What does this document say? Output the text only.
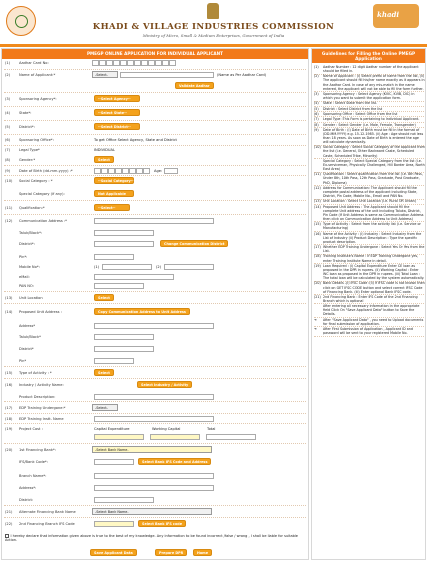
KHADI & VILLAGE INDUSTRIES COMMISSION
Ministry of Micro, Small & Medium Enterprises, Government of India
khadi
PMEGP ONLINE APPLICATION FOR INDIVIDUAL APPLICANT
(1) Aadhar Card No:
(2) Name of Applicant:*	-Select-	(Name as Per Aadhar Card)
Validate Aadhar
(3) Sponsoring Agency*:	--Select Agency--
(4) State*:	--Select State--
(5) District*:	--Select District--
(6) Sponsoring Office*:	To get Office Select Agency, State and District
(7) Legal Type*	INDIVIDUAL
(8) Gender:*	Select
(9) Date of Birth (dd-mm-yyyy) :*	Age:
(10) Social Category : *	--Social Category--
Special Category (if any):	Not Applicable
(11) Qualification:*	--Select--
(12) Communication Address :*
Taluk/Block*:
District*:	Change Communication District
Pin*:
Mobile No*:	(1)	(2)
eMail:
PAN NO:
(13) Unit Location	Select
(14) Proposed Unit Address :	Copy Communication Address to Unit Address
Address*
Taluk/Block*
District*
Pin*
(15) Type of Activity : *	Select
(16) Industry / Activity Name:	Select Industry / Activity
Product Description:
(17) EDP Training Undergone:*	-Select-
(18) EDP Training Instt. Name
(19) Project Cost :	Capital Expenditure	Working Capital	Total
(20) 1st Financing Bank*:	-Select Bank Name-
IFS/Bank Code*:	Select Bank IFS Code and Address
Branch Name*:
Address*:
District:
(21) Alternate Financing Bank Name	-Select Bank Name-
(22) 2nd Financing Branch IFS Code	Select Bank IFS code
I hereby declare that information given above is true to the best of my knowledge. Any information to be found incorrect /false / wrong , I shall be liable for suitable Action.
Save Applicant Data	Prepare DPR	Home
Guidelines for Filling the Online PMEGP Application
(1)	Aadhar Number : 12 digit Aadhar number of the applicant should be filled in.
(2)	Name of Applicant : (i) Select prefix of name from the list, (ii) The applicant should fill his/her name exactly as it appears in the Aadhar Card. In case of any mis-match in the name entered, the applicant will not be able to fill the form further.
(3)	Sponsoring Agency : Select Agency (KVIC, KVIB, DIC) in which you want to submit the application form.
(4)	State : Select State from the list.
(5)	District : Select District from the list
(6)	Sponsoring Office : Select Office from the list
(7)	Legal Type :This Form is pertaining to Individual Applicant.
(8)	Gender : Select Gender (i.e. Male, Female, Transgender)
(9)	Date of Birth : (i) Date of Birth must be fill in the format of (DD-MM-YYYY) e.g. 15-12-1985. (ii) Age : Age should not less than 18 years. As soon as Date of Birth is entered the age will calculate dynamically.
(10) Social Category : Select Social Category of the applicant from the list (i.e. General, Other Backward Caste, Scheduled Caste, Scheduled Tribe, Minority)
Special Category : Select Special Category from the list (i.e. Ex-serviceman, Physically Challenged, Hill Border Area, North East Area)
(11) Qualification : Select qualification from the list (i.e. 8th Pass, Under 8th, 10th Pass, 12th Pass, Graduate, Post Graduate, PhD, Diploma)
(12) Address for Communication: The Applicant should fill the complete postal address of the applicant including State, District, Pin Code, Mobile No., Email and PAN No.
(13) Unit Location : Select Unit Location (i.e. Rural OR Urban)
(14) Proposed Unit Address : The Applicant should fill the complete Unit address of the unit including Taluka, District, Pin Code (If Unit Address is same as Communication Address then click on Communication Address to Unit Address)
(15) Type of Activity : Select from the activity list (i.e. Service or Manufacturing)
(16) Name of the Activity : (i) Industry : Select Industry from the List of Industry (ii) Product Description : Type the specific product description.
(17) Whether EDP Training Undergone : Select Yes Or Yes from the List.
(18) Training Institute's Name : If EDP Training Undergone yes, enter Training Institute Name in detail.
(19) Loan Required : (i) Capital Expenditure Enter CE loan as proposed in the DPR in rupees. (ii) Working Capital : Enter WC loan as proposed in the DPR in rupees. (iii) Total Loan : The total loan will be calculated by the system automatically.
(20) Bank Details -(i) IFSC Code :(ii) if IFSC code is not known then click on GET IFSC CODE button and select correct IFSC Code of Financing Bank. (iii) Enter optional Bank IFSC code.
(21) 2nd Financing Bank : Enter IFS Code of the 2nd Financing Branch which is optional
After entering all necessary information in the appropriate field Click On "Save Applicant Data" button to Save the Details.
➔	After "Save Applicant Data" , you need to Upload documents for final submission of application.
➔	After First Submission of Application , Applicant ID and password will be sent to your registered Mobile No.
